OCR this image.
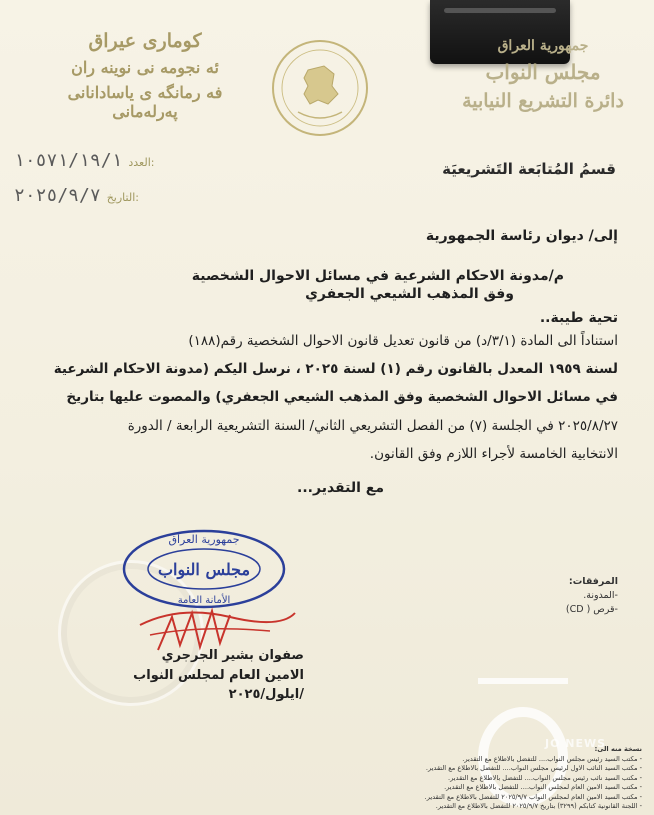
كوماری عیراق
ئه نجومه نی نوینه ران
فه رمانگه ی یاسادانانی پەرلەمانی
جمهورية العراق
مجلس النواب
دائرة التشريع النيابية
١٠٥٧١/١٩/١ العدد:
٢٠٢٥/٩/٧ التاريخ:
قسمُ المُتابَعة التَشريعيَة
إلى/ ديوان رئاسة الجمهورية
م/مدونة الاحكام الشرعية في مسائل الاحوال الشخصية
وفق المذهب الشيعي الجعفري
تحية طيبة..
استناداً الى المادة (٣/١/د) من قانون تعديل قانون الاحوال الشخصية رقم(١٨٨)
لسنة ١٩٥٩ المعدل بالقانون رقم (١) لسنة ٢٠٢٥ ، نرسل اليكم (مدونة الاحكام الشرعية
في مسائل الاحوال الشخصية وفق المذهب الشيعي الجعفري) والمصوت عليها بتاريخ
٢٠٢٥/٨/٢٧ في الجلسة (٧) من الفصل التشريعي الثاني/ السنة التشريعية الرابعة / الدورة
الانتخابية الخامسة لأجراء اللازم وفق القانون.
مع التقدير...
جمهورية العراق
مجلس النواب
الأمانة العامة
صفوان بشير الجرجري
الامين العام لمجلس النواب
/ايلول/٢٠٢٥
المرفقات:
-المدونة.
-قرص ( CD)
JO NEWS
نسخة منه الى:
- مكتب السيد رئيس مجلس النواب.... للتفضل بالاطلاع مع التقدير.
- مكتب السيد النائب الاول لرئيس مجلس النواب.... للتفضل بالاطلاع مع التقدير.
- مكتب السيد نائب رئيس مجلس النواب.... للتفضل بالاطلاع مع التقدير.
- مكتب السيد الامين العام لمجلس النواب.... للتفضل بالاطلاع مع التقدير.
- مكتب السيد الامين العام لمجلس النواب ٢٠٢٥/٩/٧ للتفضل بالاطلاع مع التقدير.
- اللجنة القانونية كتابكم (٣٢٩٩) بتاريخ ٢٠٢٥/٩/٧ للتفضل بالاطلاع مع التقدير.
